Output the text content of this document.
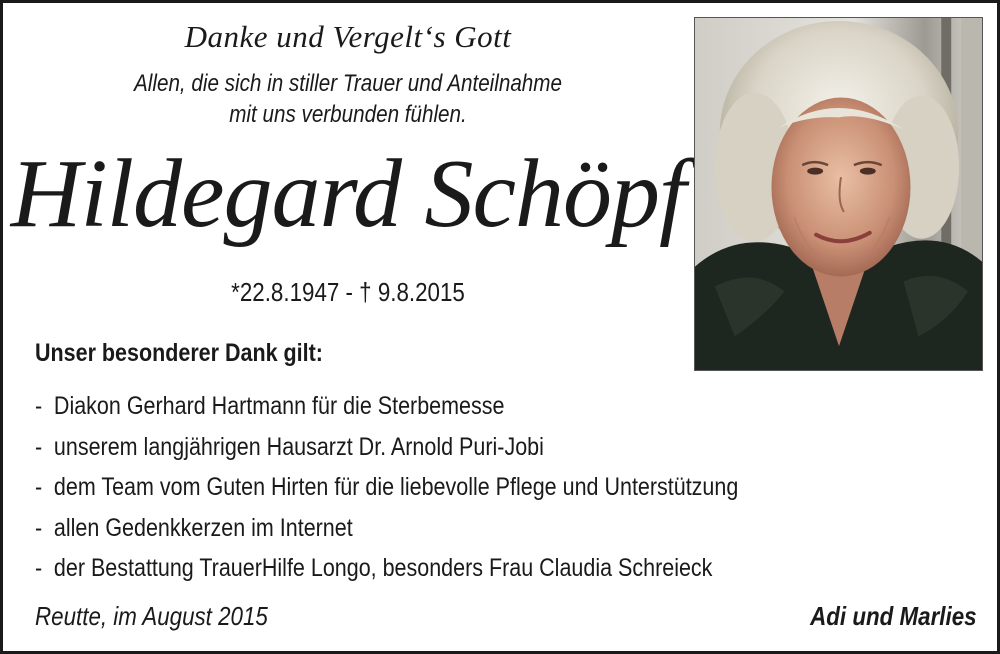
Danke und Vergelt‘s Gott
Allen, die sich in stiller Trauer und Anteilnahme
mit uns verbunden fühlen.
Hildegard Schöpf
*22.8.1947 - † 9.8.2015
Unser besonderer Dank gilt:
- Diakon Gerhard Hartmann für die Sterbemesse
- unserem langjährigen Hausarzt Dr. Arnold Puri-Jobi
- dem Team vom Guten Hirten für die liebevolle Pflege und Unterstützung
- allen Gedenkkerzen im Internet
- der Bestattung TrauerHilfe Longo, besonders Frau Claudia Schreieck
Reutte, im August 2015	Adi und Marlies
